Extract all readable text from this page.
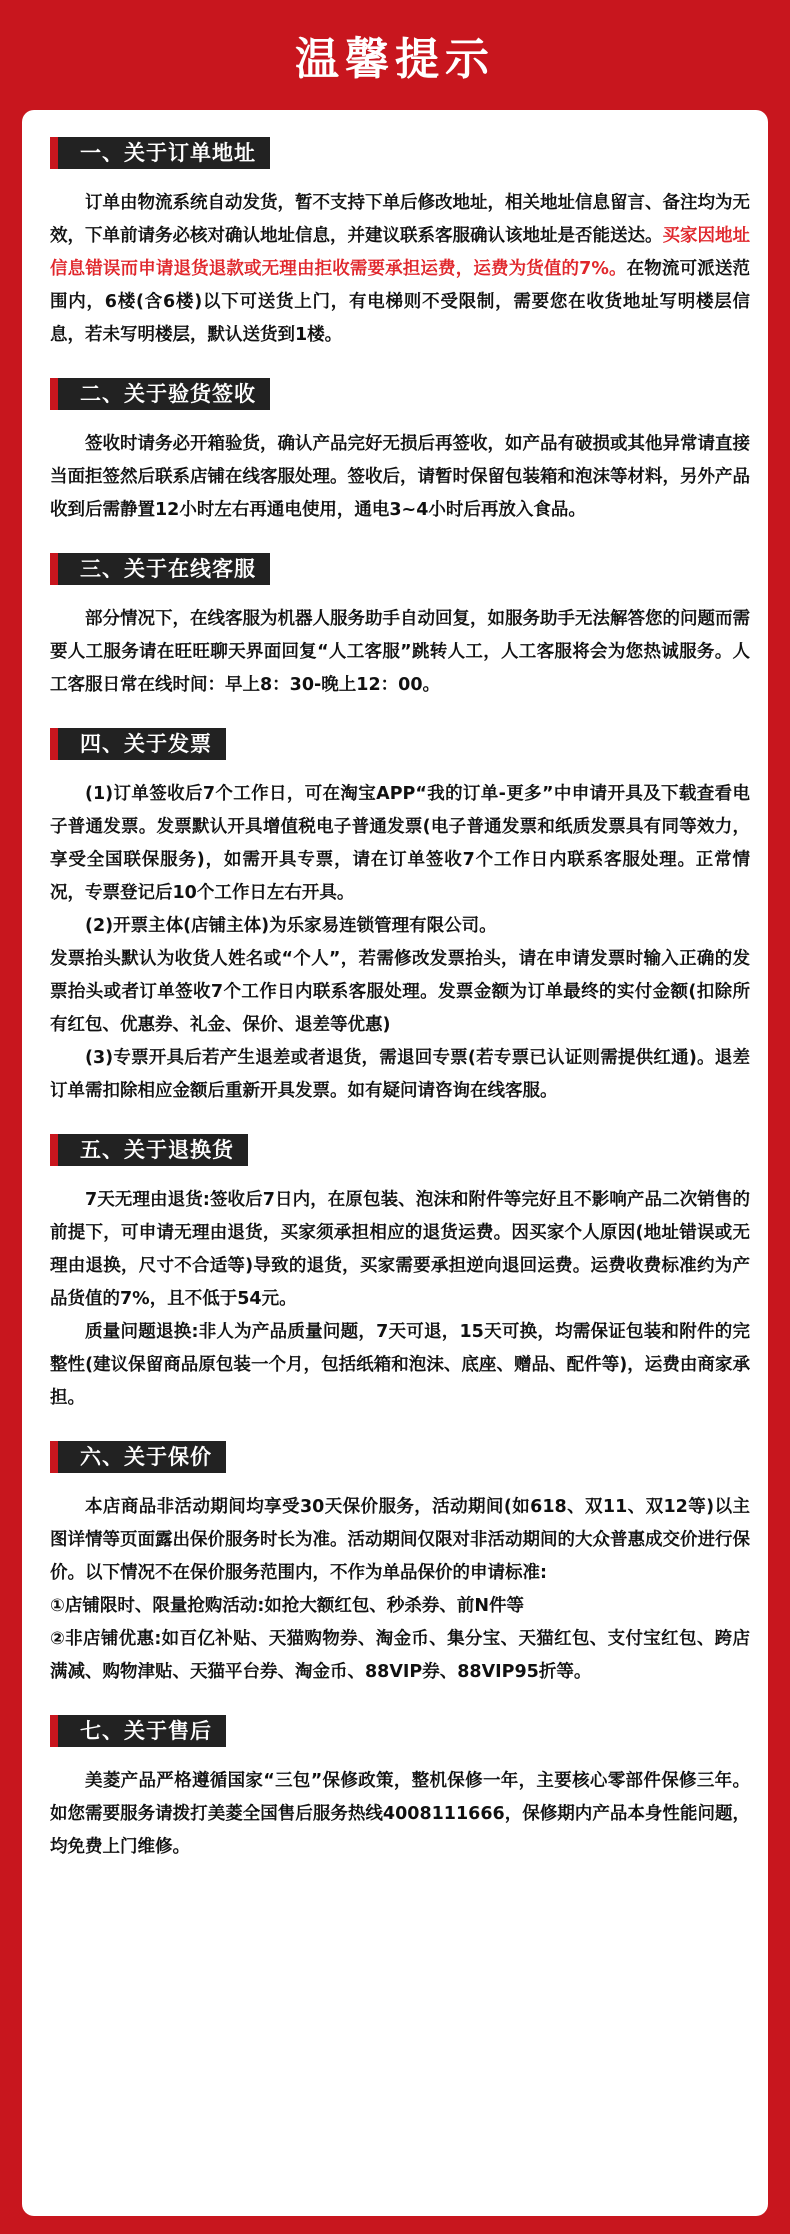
温馨提示
一、关于订单地址

订单由物流系统自动发货，暂不支持下单后修改地址，相关地址信息留言、备注均为无效，下单前请务必核对确认地址信息，并建议联系客服确认该地址是否能送达。买家因地址信息错误而申请退货退款或无理由拒收需要承担运费，运费为货值的7%。在物流可派送范围内，6楼(含6楼)以下可送货上门，有电梯则不受限制，需要您在收货地址写明楼层信息，若未写明楼层，默认送货到1楼。

二、关于验货签收

签收时请务必开箱验货，确认产品完好无损后再签收，如产品有破损或其他异常请直接当面拒签然后联系店铺在线客服处理。签收后，请暂时保留包装箱和泡沫等材料，另外产品收到后需静置12小时左右再通电使用，通电3~4小时后再放入食品。

三、关于在线客服

部分情况下，在线客服为机器人服务助手自动回复，如服务助手无法解答您的问题而需要人工服务请在旺旺聊天界面回复“人工客服”跳转人工，人工客服将会为您热诚服务。人工客服日常在线时间：早上8：30-晚上12：00。

四、关于发票

(1)订单签收后7个工作日，可在淘宝APP“我的订单-更多”中申请开具及下载查看电子普通发票。发票默认开具增值税电子普通发票(电子普通发票和纸质发票具有同等效力，享受全国联保服务)，如需开具专票，请在订单签收7个工作日内联系客服处理。正常情况，专票登记后10个工作日左右开具。

(2)开票主体(店铺主体)为乐家易连锁管理有限公司。

发票抬头默认为收货人姓名或“个人”，若需修改发票抬头，请在申请发票时输入正确的发票抬头或者订单签收7个工作日内联系客服处理。发票金额为订单最终的实付金额(扣除所有红包、优惠券、礼金、保价、退差等优惠)

(3)专票开具后若产生退差或者退货，需退回专票(若专票已认证则需提供红通)。退差订单需扣除相应金额后重新开具发票。如有疑问请咨询在线客服。

五、关于退换货

7天无理由退货:签收后7日内，在原包装、泡沫和附件等完好且不影响产品二次销售的前提下，可申请无理由退货，买家须承担相应的退货运费。因买家个人原因(地址错误或无理由退换，尺寸不合适等)导致的退货，买家需要承担逆向退回运费。运费收费标准约为产品货值的7%，且不低于54元。

质量问题退换:非人为产品质量问题，7天可退，15天可换，均需保证包装和附件的完整性(建议保留商品原包装一个月，包括纸箱和泡沫、底座、赠品、配件等)，运费由商家承担。

六、关于保价

本店商品非活动期间均享受30天保价服务，活动期间(如618、双11、双12等)以主图详情等页面露出保价服务时长为准。活动期间仅限对非活动期间的大众普惠成交价进行保价。以下情况不在保价服务范围内，不作为单品保价的申请标准:

①店铺限时、限量抢购活动:如抢大额红包、秒杀券、前N件等

②非店铺优惠:如百亿补贴、天猫购物券、淘金币、集分宝、天猫红包、支付宝红包、跨店满减、购物津贴、天猫平台券、淘金币、88VIP券、88VIP95折等。

七、关于售后

美菱产品严格遵循国家“三包”保修政策，整机保修一年，主要核心零部件保修三年。如您需要服务请拨打美菱全国售后服务热线4008111666，保修期内产品本身性能问题，均免费上门维修。
